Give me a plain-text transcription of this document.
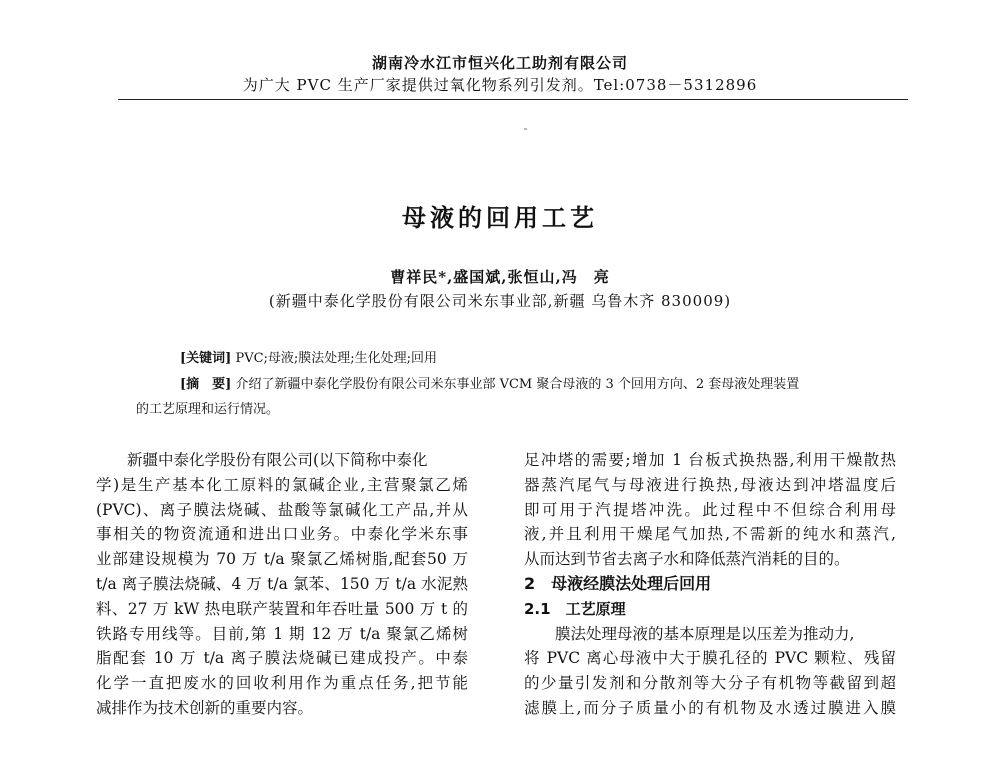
湖南冷水江市恒兴化工助剂有限公司
为广大 PVC 生产厂家提供过氧化物系列引发剂。Tel:0738－5312896
母液的回用工艺
曹祥民*,盛国斌,张恒山,冯　亮
(新疆中泰化学股份有限公司米东事业部,新疆 乌鲁木齐 830009)
[关键词] PVC;母液;膜法处理;生化处理;回用
[摘　要] 介绍了新疆中泰化学股份有限公司米东事业部 VCM 聚合母液的 3 个回用方向、2 套母液处理装置
的工艺原理和运行情况。
新疆中泰化学股份有限公司(以下简称中泰化
学)是生产基本化工原料的氯碱企业,主营聚氯乙烯
(PVC)、离子膜法烧碱、盐酸等氯碱化工产品,并从
事相关的物资流通和进出口业务。中泰化学米东事
业部建设规模为 70 万 t/a 聚氯乙烯树脂,配套50 万
t/a 离子膜法烧碱、4 万 t/a 氯苯、150 万 t/a 水泥熟
料、27 万 kW 热电联产装置和年吞吐量 500 万 t 的
铁路专用线等。目前,第 1 期 12 万 t/a 聚氯乙烯树
脂配套 10 万 t/a 离子膜法烧碱已建成投产。中泰
化学一直把废水的回收利用作为重点任务,把节能
减排作为技术创新的重要内容。
足冲塔的需要;增加 1 台板式换热器,利用干燥散热
器蒸汽尾气与母液进行换热,母液达到冲塔温度后
即可用于汽提塔冲洗。此过程中不但综合利用母
液,并且利用干燥尾气加热,不需新的纯水和蒸汽,
从而达到节省去离子水和降低蒸汽消耗的目的。
2　母液经膜法处理后回用
2.1　工艺原理
膜法处理母液的基本原理是以压差为推动力,
将 PVC 离心母液中大于膜孔径的 PVC 颗粒、残留
的少量引发剂和分散剂等大分子有机物等截留到超
滤膜上,而分子质量小的有机物及水透过膜进入膜
